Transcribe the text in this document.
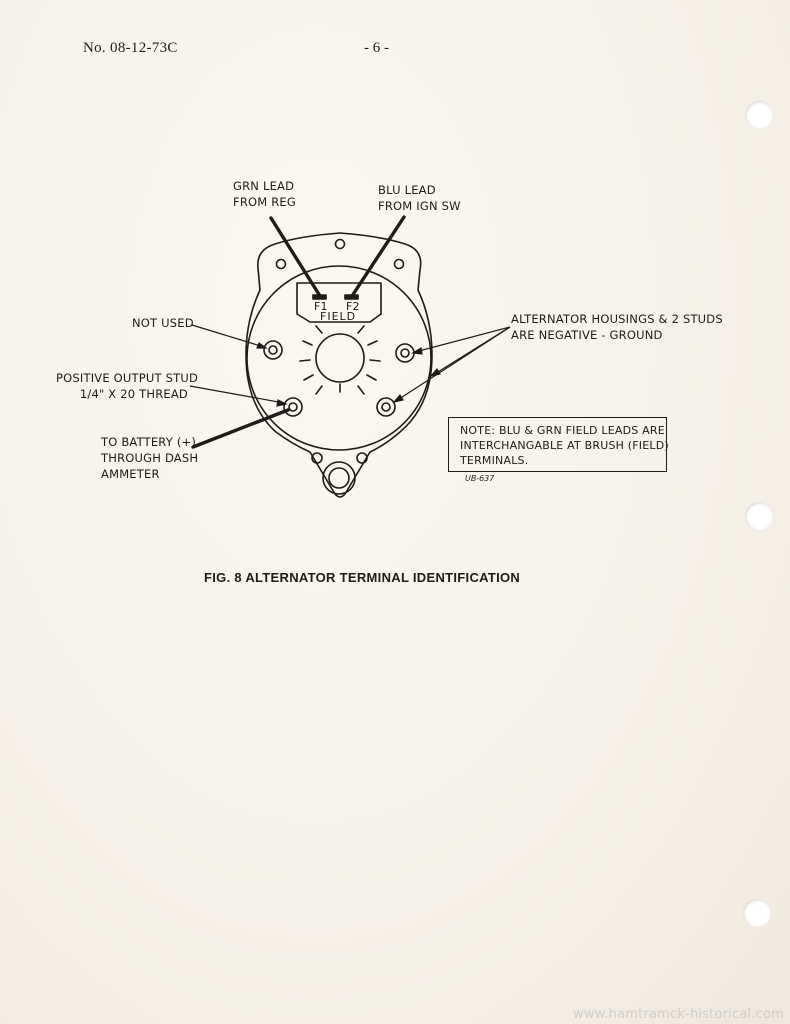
No. 08-12-73C	- 6 -
F1 F2
FIELD
GRN LEAD
FROM REG
BLU LEAD
FROM IGN SW
NOT USED
POSITIVE OUTPUT STUD
1/4" X 20 THREAD
TO BATTERY (+)
THROUGH DASH
AMMETER
ALTERNATOR HOUSINGS & 2 STUDS
ARE NEGATIVE - GROUND
NOTE: BLU & GRN FIELD LEADS ARE
INTERCHANGABLE AT BRUSH (FIELD)
TERMINALS.
UB-637
FIG. 8 ALTERNATOR TERMINAL IDENTIFICATION
www.hamtramck-historical.com
